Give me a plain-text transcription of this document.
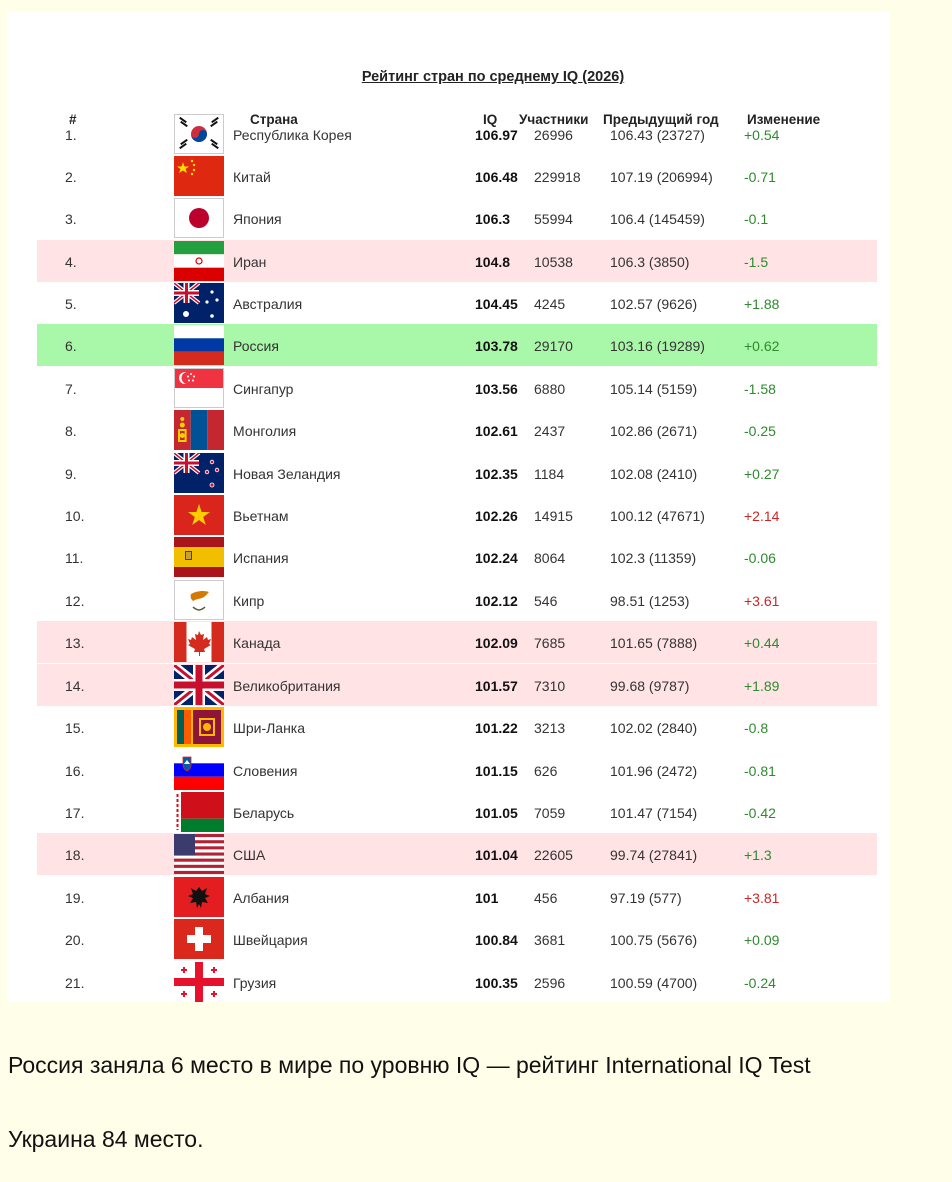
Рейтинг стран по среднему IQ (2026)
#	Страна	IQ Участники Предыдущий год Изменение
1.	Республика Корея	106.97 26996	106.43 (23727)	+0.54
2.	Китай	106.48 229918 107.19 (206994) -0.71
3.	Япония	106.3 55994	106.4 (145459)	-0.1
4.	Иран	104.8 10538	106.3 (3850)	-1.5
5.	Австралия	104.45 4245	102.57 (9626)	+1.88
6.	Россия	103.78 29170	103.16 (19289)	+0.62
7.	Сингапур	103.56 6880	105.14 (5159)	-1.58
8.	Монголия	102.61 2437	102.86 (2671)	-0.25
9.	Новая Зеландия	102.35 1184	102.08 (2410)	+0.27
10.	Вьетнам	102.26 14915	100.12 (47671)	+2.14
11.	Испания	102.24 8064	102.3 (11359)	-0.06
12.	Кипр	102.12 546	98.51 (1253)	+3.61
13.	Канада	102.09 7685	101.65 (7888)	+0.44
14.	Великобритания	101.57 7310	99.68 (9787)	+1.89
15.	Шри-Ланка	101.22 3213	102.02 (2840)	-0.8
16.	Словения	101.15 626	101.96 (2472)	-0.81
17.	Беларусь	101.05 7059	101.47 (7154)	-0.42
18.	США	101.04 22605	99.74 (27841)	+1.3
19.	Албания	101	456	97.19 (577)	+3.81
20.	Швейцария	100.84 3681	100.75 (5676)	+0.09
21.	Грузия	100.35 2596	100.59 (4700)	-0.24
Россия заняла 6 место в мире по уровню IQ — рейтинг International IQ Test
Украина 84 место.
